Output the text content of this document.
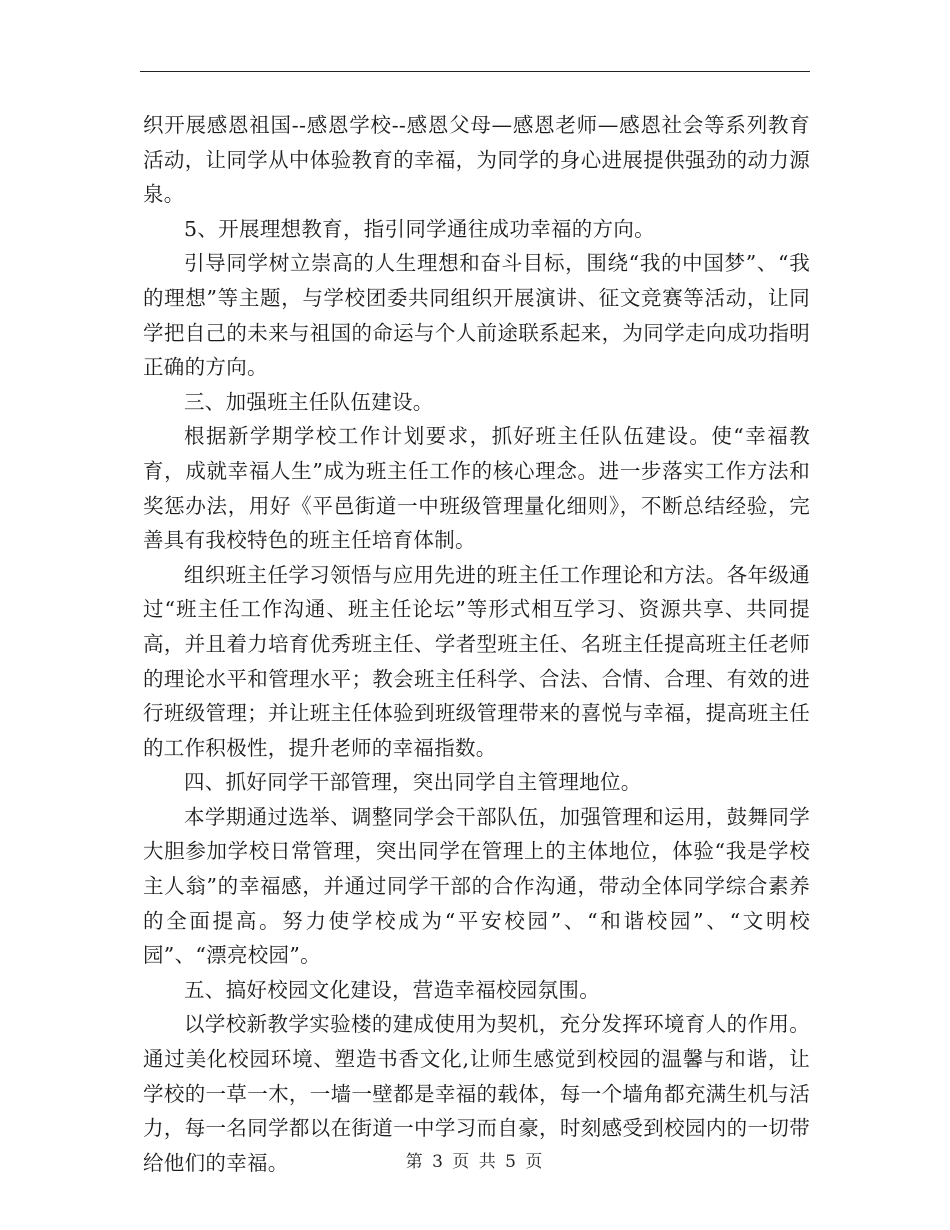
织开展感恩祖国--感恩学校--感恩父母—感恩老师—感恩社会等系列教育活动，让同学从中体验教育的幸福，为同学的身心进展提供强劲的动力源泉。

5、开展理想教育，指引同学通往成功幸福的方向。

引导同学树立崇高的人生理想和奋斗目标，围绕“我的中国梦”、“我的理想”等主题，与学校团委共同组织开展演讲、征文竞赛等活动，让同学把自己的未来与祖国的命运与个人前途联系起来，为同学走向成功指明正确的方向。

三、加强班主任队伍建设。

根据新学期学校工作计划要求，抓好班主任队伍建设。使“幸福教育，成就幸福人生”成为班主任工作的核心理念。进一步落实工作方法和奖惩办法，用好《平邑街道一中班级管理量化细则》，不断总结经验，完善具有我校特色的班主任培育体制。

组织班主任学习领悟与应用先进的班主任工作理论和方法。各年级通过“班主任工作沟通、班主任论坛”等形式相互学习、资源共享、共同提高，并且着力培育优秀班主任、学者型班主任、名班主任提高班主任老师的理论水平和管理水平；教会班主任科学、合法、合情、合理、有效的进行班级管理；并让班主任体验到班级管理带来的喜悦与幸福，提高班主任的工作积极性，提升老师的幸福指数。

四、抓好同学干部管理，突出同学自主管理地位。

本学期通过选举、调整同学会干部队伍，加强管理和运用，鼓舞同学大胆参加学校日常管理，突出同学在管理上的主体地位，体验“我是学校主人翁”的幸福感，并通过同学干部的合作沟通，带动全体同学综合素养的全面提高。努力使学校成为“平安校园”、“和谐校园”、“文明校园”、“漂亮校园”。

五、搞好校园文化建设，营造幸福校园氛围。

以学校新教学实验楼的建成使用为契机，充分发挥环境育人的作用。通过美化校园环境、塑造书香文化,让师生感觉到校园的温馨与和谐，让学校的一草一木，一墙一壁都是幸福的载体，每一个墙角都充满生机与活力，每一名同学都以在街道一中学习而自豪，时刻感受到校园内的一切带给他们的幸福。	第 3 页 共 5 页
